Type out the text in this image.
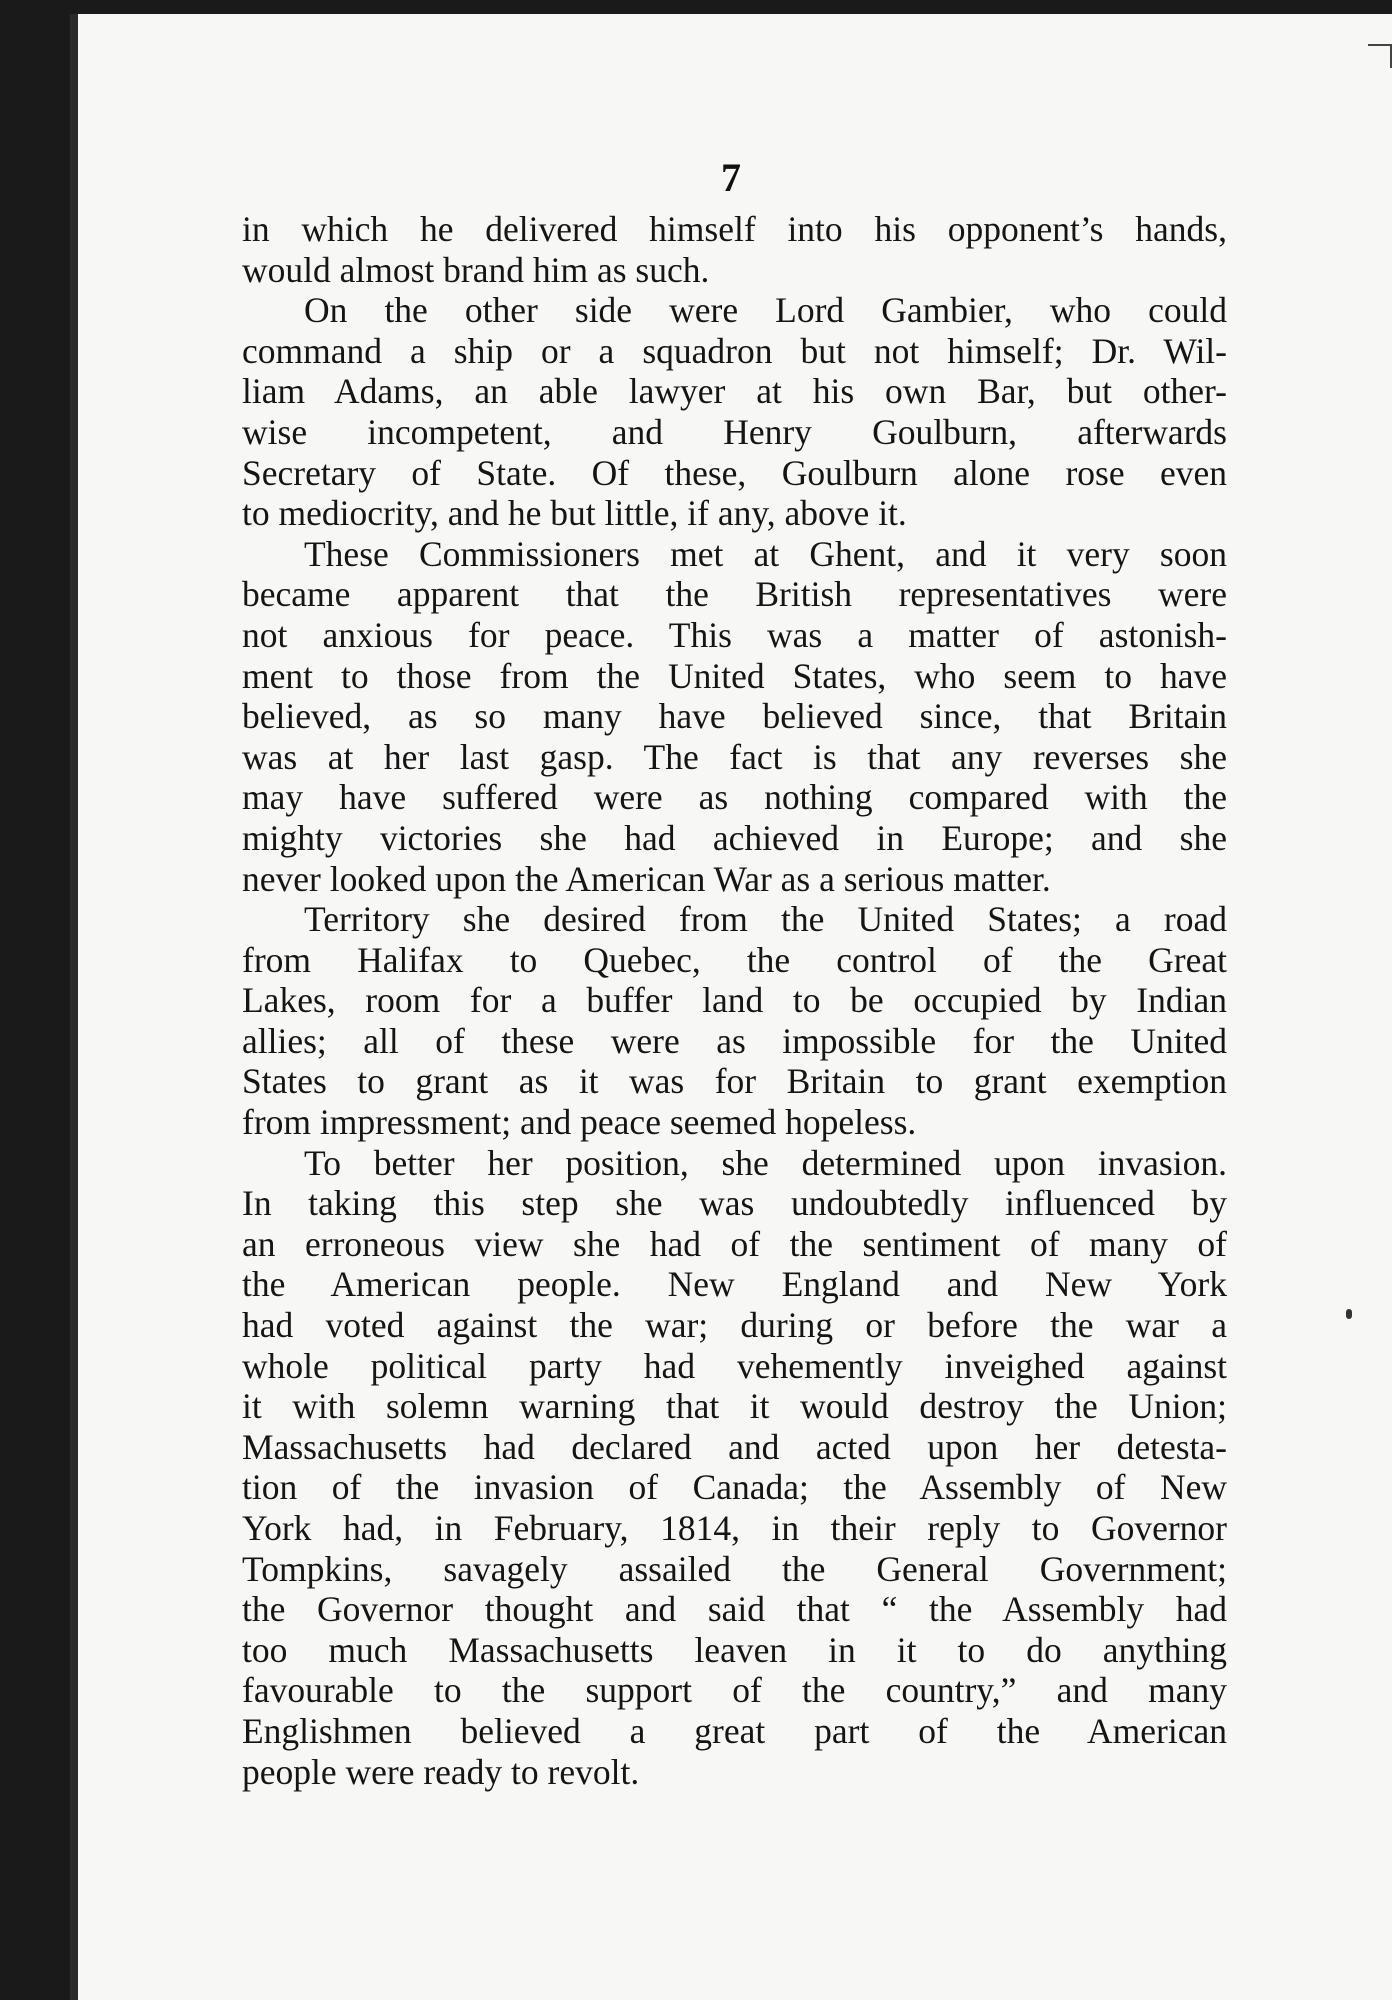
7
in which he delivered himself into his opponent’s hands,
would almost brand him as such.
On the other side were Lord Gambier, who could
command a ship or a squadron but not himself; Dr. Wil-
liam Adams, an able lawyer at his own Bar, but other-
wise incompetent, and Henry Goulburn, afterwards
Secretary of State. Of these, Goulburn alone rose even
to mediocrity, and he but little, if any, above it.
These Commissioners met at Ghent, and it very soon
became apparent that the British representatives were
not anxious for peace. This was a matter of astonish-
ment to those from the United States, who seem to have
believed, as so many have believed since, that Britain
was at her last gasp. The fact is that any reverses she
may have suffered were as nothing compared with the
mighty victories she had achieved in Europe; and she
never looked upon the American War as a serious matter.
Territory she desired from the United States; a road
from Halifax to Quebec, the control of the Great
Lakes, room for a buffer land to be occupied by Indian
allies; all of these were as impossible for the United
States to grant as it was for Britain to grant exemption
from impressment; and peace seemed hopeless.
To better her position, she determined upon invasion.
In taking this step she was undoubtedly influenced by
an erroneous view she had of the sentiment of many of
the American people. New England and New York
had voted against the war; during or before the war a
whole political party had vehemently inveighed against
it with solemn warning that it would destroy the Union;
Massachusetts had declared and acted upon her detesta-
tion of the invasion of Canada; the Assembly of New
York had, in February, 1814, in their reply to Governor
Tompkins, savagely assailed the General Government;
the Governor thought and said that “ the Assembly had
too much Massachusetts leaven in it to do anything
favourable to the support of the country,” and many
Englishmen believed a great part of the American
people were ready to revolt.
